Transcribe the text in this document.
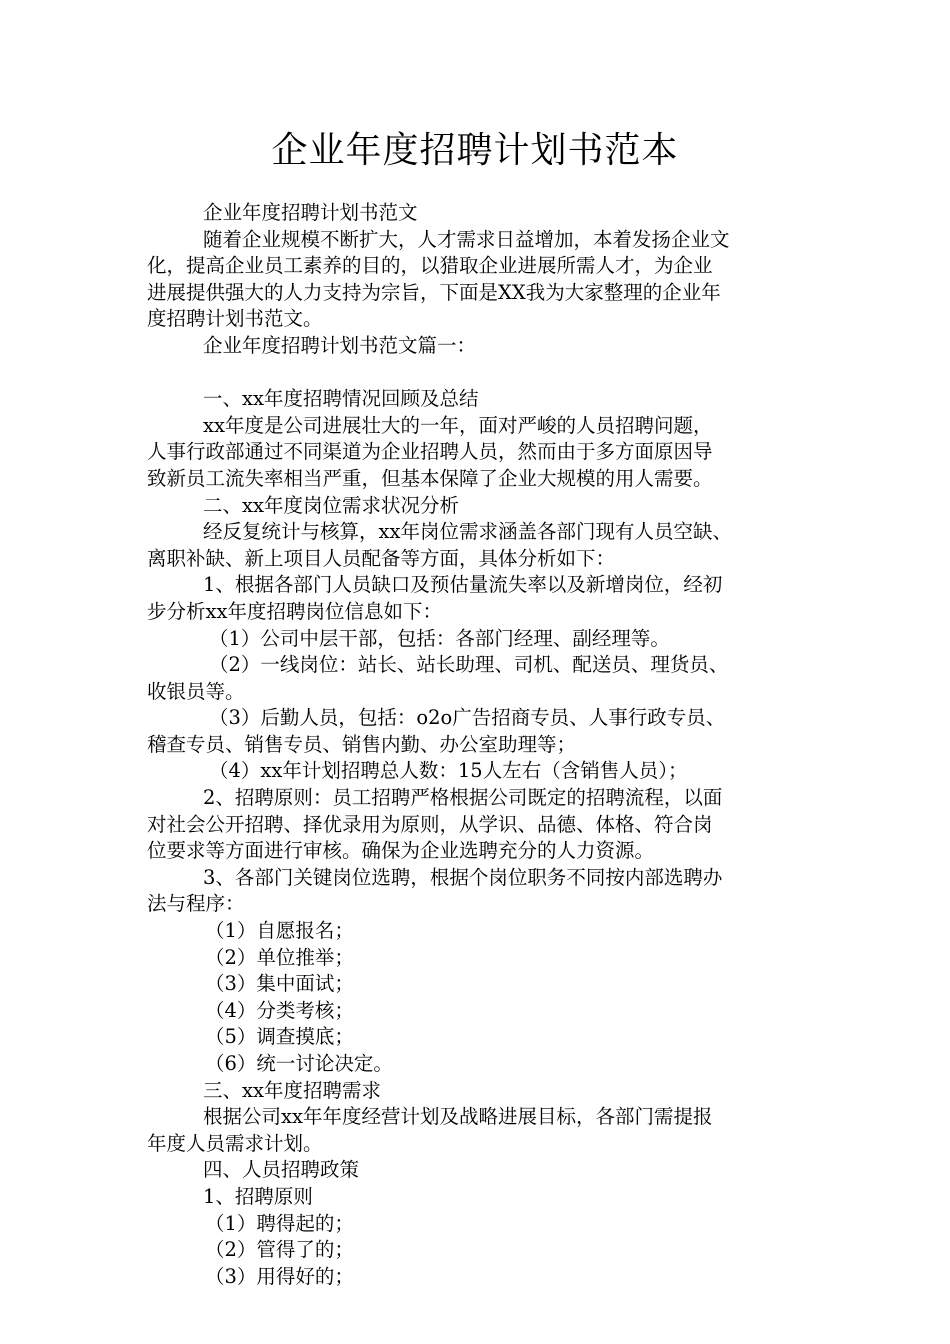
企业年度招聘计划书范本

企业年度招聘计划书范文

随着企业规模不断扩大，人才需求日益增加，本着发扬企业文

化，提高企业员工素养的目的，以猎取企业进展所需人才，为企业

进展提供强大的人力支持为宗旨，下面是XX我为大家整理的企业年

度招聘计划书范文。

企业年度招聘计划书范文篇一：

一、xx年度招聘情况回顾及总结

xx年度是公司进展壮大的一年，面对严峻的人员招聘问题，

人事行政部通过不同渠道为企业招聘人员，然而由于多方面原因导

致新员工流失率相当严重，但基本保障了企业大规模的用人需要。

二、xx年度岗位需求状况分析

经反复统计与核算，xx年岗位需求涵盖各部门现有人员空缺、

离职补缺、新上项目人员配备等方面，具体分析如下：

1、根据各部门人员缺口及预估量流失率以及新增岗位，经初

步分析xx年度招聘岗位信息如下：

（1）公司中层干部，包括：各部门经理、副经理等。

（2）一线岗位：站长、站长助理、司机、配送员、理货员、

收银员等。

（3）后勤人员，包括：o2o广告招商专员、人事行政专员、

稽查专员、销售专员、销售内勤、办公室助理等；

（4）xx年计划招聘总人数：15人左右（含销售人员）；

2、招聘原则：员工招聘严格根据公司既定的招聘流程，以面

对社会公开招聘、择优录用为原则，从学识、品德、体格、符合岗

位要求等方面进行审核。确保为企业选聘充分的人力资源。

3、各部门关键岗位选聘，根据个岗位职务不同按内部选聘办

法与程序：

（1）自愿报名；

（2）单位推举；

（3）集中面试；

（4）分类考核；

（5）调查摸底；

（6）统一讨论决定。

三、xx年度招聘需求

根据公司xx年年度经营计划及战略进展目标，各部门需提报

年度人员需求计划。

四、人员招聘政策

1、招聘原则

（1）聘得起的；

（2）管得了的；

（3）用得好的；
